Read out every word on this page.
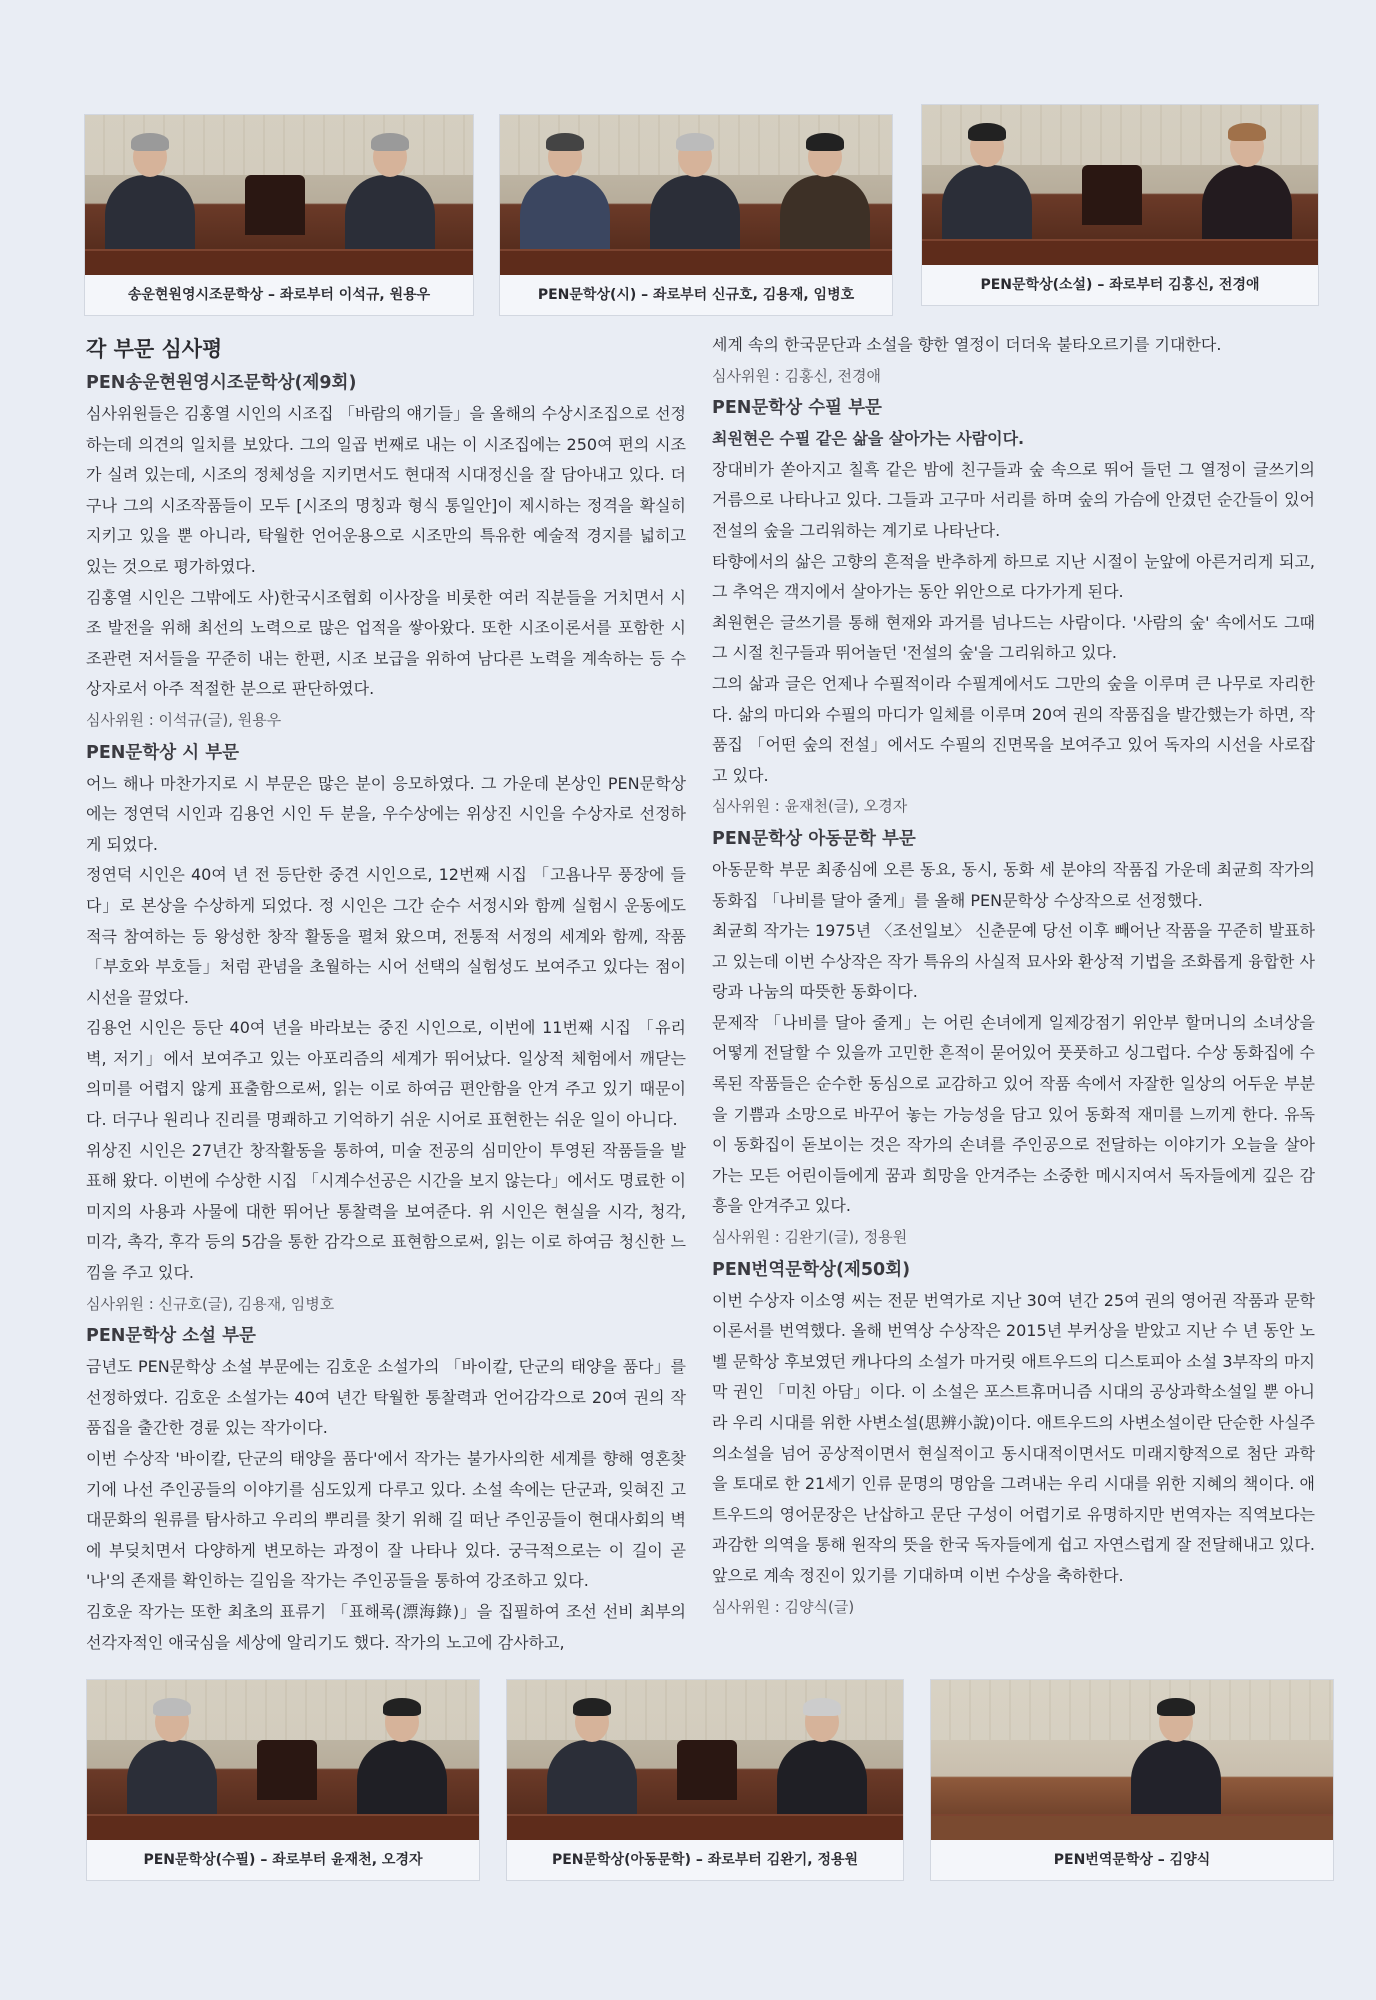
송운현원영시조문학상 – 좌로부터 이석규, 원용우	PEN문학상(시) – 좌로부터 신규호, 김용재, 임병호
PEN문학상(소설) – 좌로부터 김홍신, 전경애
각 부문 심사평
PEN송운현원영시조문학상(제9회)

심사위원들은 김홍열 시인의 시조집 「바람의 얘기들」을 올해의 수상시조집으로 선정하는데 의견의 일치를 보았다. 그의 일곱 번째로 내는 이 시조집에는 250여 편의 시조가 실려 있는데, 시조의 정체성을 지키면서도 현대적 시대정신을 잘 담아내고 있다. 더구나 그의 시조작품들이 모두 [시조의 명칭과 형식 통일안]이 제시하는 정격을 확실히 지키고 있을 뿐 아니라, 탁월한 언어운용으로 시조만의 특유한 예술적 경지를 넓히고 있는 것으로 평가하였다.

김홍열 시인은 그밖에도 사)한국시조협회 이사장을 비롯한 여러 직분들을 거치면서 시조 발전을 위해 최선의 노력으로 많은 업적을 쌓아왔다. 또한 시조이론서를 포함한 시조관련 저서들을 꾸준히 내는 한편, 시조 보급을 위하여 남다른 노력을 계속하는 등 수상자로서 아주 적절한 분으로 판단하였다.

심사위원 : 이석규(글), 원용우

PEN문학상 시 부문

어느 해나 마찬가지로 시 부문은 많은 분이 응모하였다. 그 가운데 본상인 PEN문학상에는 정연덕 시인과 김용언 시인 두 분을, 우수상에는 위상진 시인을 수상자로 선정하게 되었다.

정연덕 시인은 40여 년 전 등단한 중견 시인으로, 12번째 시집 「고욤나무 풍장에 들다」로 본상을 수상하게 되었다. 정 시인은 그간 순수 서정시와 함께 실험시 운동에도 적극 참여하는 등 왕성한 창작 활동을 펼쳐 왔으며, 전통적 서정의 세계와 함께, 작품 「부호와 부호들」처럼 관념을 초월하는 시어 선택의 실험성도 보여주고 있다는 점이 시선을 끌었다.

김용언 시인은 등단 40여 년을 바라보는 중진 시인으로, 이번에 11번째 시집 「유리벽, 저기」에서 보여주고 있는 아포리즘의 세계가 뛰어났다. 일상적 체험에서 깨닫는 의미를 어렵지 않게 표출함으로써, 읽는 이로 하여금 편안함을 안겨 주고 있기 때문이다. 더구나 원리나 진리를 명쾌하고 기억하기 쉬운 시어로 표현한는 쉬운 일이 아니다.

위상진 시인은 27년간 창작활동을 통하여, 미술 전공의 심미안이 투영된 작품들을 발표해 왔다. 이번에 수상한 시집 「시계수선공은 시간을 보지 않는다」에서도 명료한 이미지의 사용과 사물에 대한 뛰어난 통찰력을 보여준다. 위 시인은 현실을 시각, 청각, 미각, 촉각, 후각 등의 5감을 통한 감각으로 표현함으로써, 읽는 이로 하여금 청신한 느낌을 주고 있다.

심사위원 : 신규호(글), 김용재, 임병호

PEN문학상 소설 부문

금년도 PEN문학상 소설 부문에는 김호운 소설가의 「바이칼, 단군의 태양을 품다」를 선정하였다. 김호운 소설가는 40여 년간 탁월한 통찰력과 언어감각으로 20여 권의 작품집을 출간한 경륜 있는 작가이다.

이번 수상작 '바이칼, 단군의 태양을 품다'에서 작가는 불가사의한 세계를 향해 영혼찾기에 나선 주인공들의 이야기를 심도있게 다루고 있다. 소설 속에는 단군과, 잊혀진 고대문화의 원류를 탐사하고 우리의 뿌리를 찾기 위해 길 떠난 주인공들이 현대사회의 벽에 부딪치면서 다양하게 변모하는 과정이 잘 나타나 있다. 궁극적으로는 이 길이 곧 '나'의 존재를 확인하는 길임을 작가는 주인공들을 통하여 강조하고 있다.

김호운 작가는 또한 최초의 표류기 「표해록(漂海錄)」을 집필하여 조선 선비 최부의 선각자적인 애국심을 세상에 알리기도 했다. 작가의 노고에 감사하고,

세계 속의 한국문단과 소설을 향한 열정이 더더욱 불타오르기를 기대한다.

심사위원 : 김홍신, 전경애

PEN문학상 수필 부문

최원현은 수필 같은 삶을 살아가는 사람이다.

장대비가 쏟아지고 칠흑 같은 밤에 친구들과 숲 속으로 뛰어 들던 그 열정이 글쓰기의 거름으로 나타나고 있다. 그들과 고구마 서리를 하며 숲의 가슴에 안겼던 순간들이 있어 전설의 숲을 그리워하는 계기로 나타난다.

타향에서의 삶은 고향의 흔적을 반추하게 하므로 지난 시절이 눈앞에 아른거리게 되고, 그 추억은 객지에서 살아가는 동안 위안으로 다가가게 된다.

최원현은 글쓰기를 통해 현재와 과거를 넘나드는 사람이다. '사람의 숲' 속에서도 그때 그 시절 친구들과 뛰어놀던 '전설의 숲'을 그리워하고 있다.

그의 삶과 글은 언제나 수필적이라 수필계에서도 그만의 숲을 이루며 큰 나무로 자리한다. 삶의 마디와 수필의 마디가 일체를 이루며 20여 권의 작품집을 발간했는가 하면, 작품집 「어떤 숲의 전설」에서도 수필의 진면목을 보여주고 있어 독자의 시선을 사로잡고 있다.

심사위원 : 윤재천(글), 오경자

PEN문학상 아동문학 부문

아동문학 부문 최종심에 오른 동요, 동시, 동화 세 분야의 작품집 가운데 최균희 작가의 동화집 「나비를 달아 줄게」를 올해 PEN문학상 수상작으로 선정했다.

최균희 작가는 1975년 〈조선일보〉 신춘문예 당선 이후 빼어난 작품을 꾸준히 발표하고 있는데 이번 수상작은 작가 특유의 사실적 묘사와 환상적 기법을 조화롭게 융합한 사랑과 나눔의 따뜻한 동화이다.

문제작 「나비를 달아 줄게」는 어린 손녀에게 일제강점기 위안부 할머니의 소녀상을 어떻게 전달할 수 있을까 고민한 흔적이 묻어있어 풋풋하고 싱그럽다. 수상 동화집에 수록된 작품들은 순수한 동심으로 교감하고 있어 작품 속에서 자잘한 일상의 어두운 부분을 기쁨과 소망으로 바꾸어 놓는 가능성을 담고 있어 동화적 재미를 느끼게 한다. 유독 이 동화집이 돋보이는 것은 작가의 손녀를 주인공으로 전달하는 이야기가 오늘을 살아가는 모든 어린이들에게 꿈과 희망을 안겨주는 소중한 메시지여서 독자들에게 깊은 감흥을 안겨주고 있다.

심사위원 : 김완기(글), 정용원

PEN번역문학상(제50회)

이번 수상자 이소영 씨는 전문 번역가로 지난 30여 년간 25여 권의 영어권 작품과 문학이론서를 번역했다. 올해 번역상 수상작은 2015년 부커상을 받았고 지난 수 년 동안 노벨 문학상 후보였던 캐나다의 소설가 마거릿 애트우드의 디스토피아 소설 3부작의 마지막 권인 「미친 아담」이다. 이 소설은 포스트휴머니즘 시대의 공상과학소설일 뿐 아니라 우리 시대를 위한 사변소설(思辨小說)이다. 애트우드의 사변소설이란 단순한 사실주의소설을 넘어 공상적이면서 현실적이고 동시대적이면서도 미래지향적으로 첨단 과학을 토대로 한 21세기 인류 문명의 명암을 그려내는 우리 시대를 위한 지혜의 책이다. 애트우드의 영어문장은 난삽하고 문단 구성이 어렵기로 유명하지만 번역자는 직역보다는 과감한 의역을 통해 원작의 뜻을 한국 독자들에게 쉽고 자연스럽게 잘 전달해내고 있다. 앞으로 계속 정진이 있기를 기대하며 이번 수상을 축하한다.

심사위원 : 김양식(글)

PEN문학상(수필) – 좌로부터 윤재천, 오경자	PEN문학상(아동문학) – 좌로부터 김완기, 정용원	PEN번역문학상 – 김양식
